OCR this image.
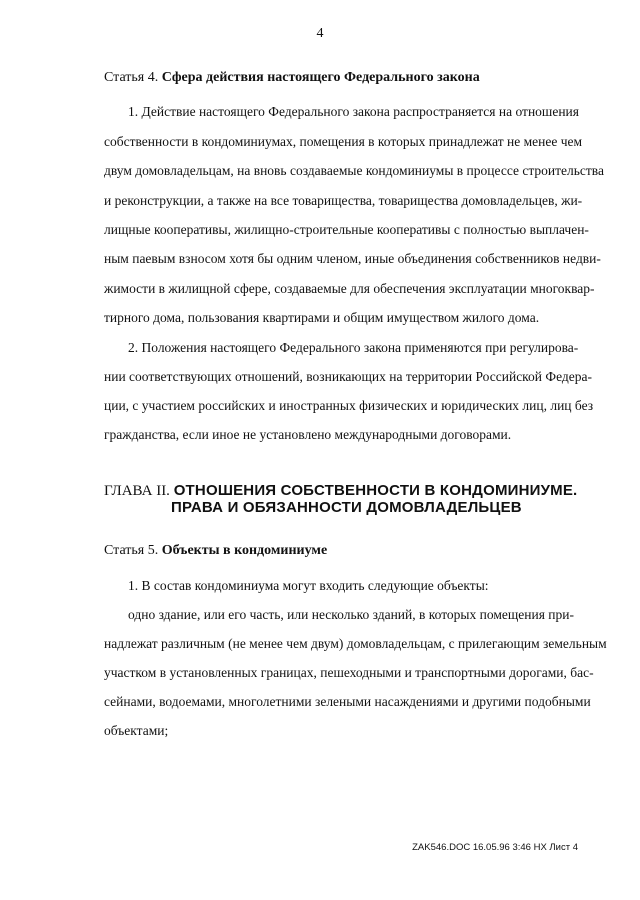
4
Статья 4. Сфера действия настоящего Федерального закона
1. Действие настоящего Федерального закона распространяется на отношения
собственности в кондоминиумах, помещения в которых принадлежат не менее чем
двум домовладельцам, на вновь создаваемые кондоминиумы в процессе строительства
и реконструкции, а также на все товарищества, товарищества домовладельцев, жи-
лищные кооперативы, жилищно-строительные кооперативы с полностью выплачен-
ным паевым взносом хотя бы одним членом, иные объединения собственников недви-
жимости в жилищной сфере, создаваемые для обеспечения эксплуатации многоквар-
тирного дома, пользования квартирами и общим имуществом жилого дома.
2. Положения настоящего Федерального закона применяются при регулирова-
нии соответствующих отношений, возникающих на территории Российской Федера-
ции, с участием российских и иностранных физических и юридических лиц, лиц без
гражданства, если иное не установлено международными договорами.
ГЛАВА II. ОТНОШЕНИЯ СОБСТВЕННОСТИ В КОНДОМИНИУМЕ.
ПРАВА И ОБЯЗАННОСТИ ДОМОВЛАДЕЛЬЦЕВ
Статья 5. Объекты в кондоминиуме
1. В состав кондоминиума могут входить следующие объекты:
одно здание, или его часть, или несколько зданий, в которых помещения при-
надлежат различным (не менее чем двум) домовладельцам, с прилегающим земельным
участком в установленных границах, пешеходными и транспортными дорогами, бас-
сейнами, водоемами, многолетними зелеными насаждениями и другими подобными
объектами;
ZAK546.DOC 16.05.96 3:46 НХ Лист 4
